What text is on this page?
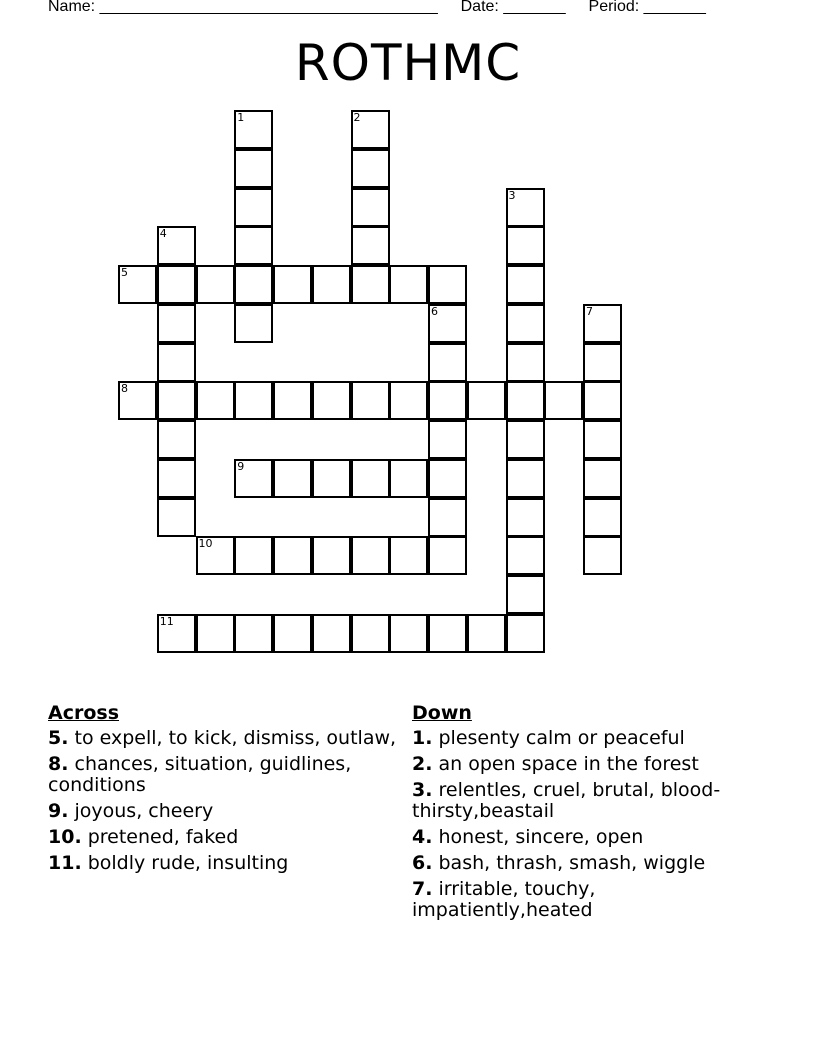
Name: ______________________________________ Date: _______ Period: _______
ROTHMC
1	2
3
4
5
6	7
8
9
10
11
Across
5. to expell, to kick, dismiss, outlaw,
8. chances, situation, guidlines, conditions
9. joyous, cheery
10. pretened, faked
11. boldly rude, insulting
Down
1. plesenty calm or peaceful
2. an open space in the forest
3. relentles, cruel, brutal, blood-thirsty,beastail
4. honest, sincere, open
6. bash, thrash, smash, wiggle
7. irritable, touchy, impatiently,heated
